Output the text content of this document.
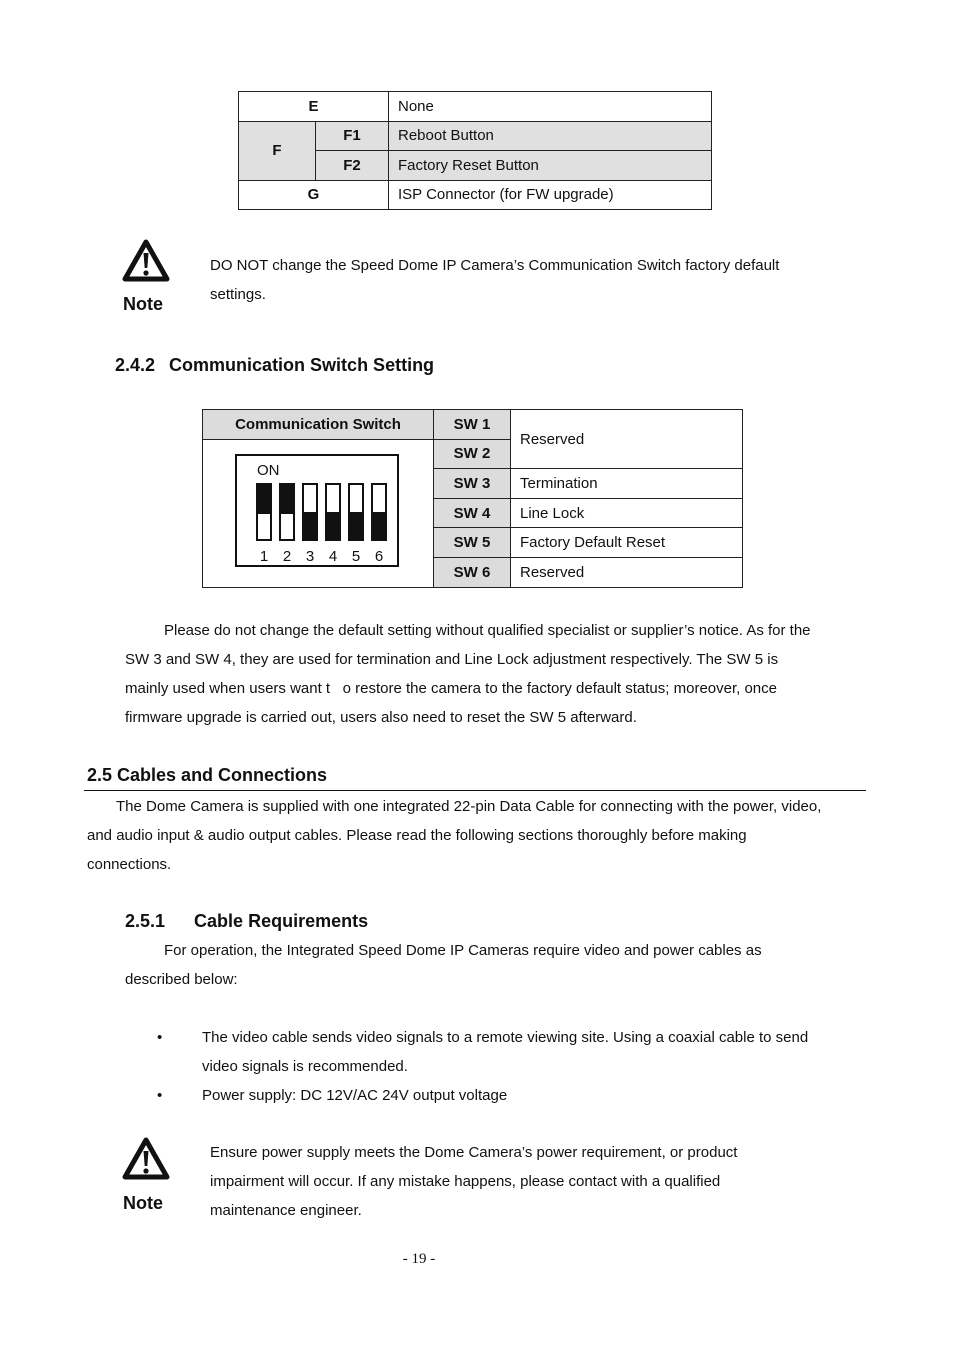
E		None
F	F1	Reboot Button
	F2	Factory Reset Button
G		ISP Connector (for FW upgrade)
Note
DO NOT change the Speed Dome IP Camera’s Communication Switch factory default
settings.
2.4.2 Communication Switch Setting
Communication Switch	SW 1	Reserved

ON
1 2 3 4 5 6
	SW 2
	SW 3	Termination
	SW 4	Line Lock
	SW 5	Factory Default Reset
	SW 6	Reserved
Please do not change the default setting without qualified specialist or supplier’s notice. As for the
SW 3 and SW 4, they are used for termination and Line Lock adjustment respectively. The SW 5 is
mainly used when users want t   o restore the camera to the factory default status; moreover, once
firmware upgrade is carried out, users also need to reset the SW 5 afterward.
2.5 Cables and Connections
The Dome Camera is supplied with one integrated 22-pin Data Cable for connecting with the power, video,
and audio input & audio output cables. Please read the following sections thoroughly before making
connections.
2.5.1 Cable Requirements
For operation, the Integrated Speed Dome IP Cameras require video and power cables as
described below:
•	The video cable sends video signals to a remote viewing site. Using a coaxial cable to send
video signals is recommended.
•	Power supply: DC 12V/AC 24V output voltage
Note
Ensure power supply meets the Dome Camera’s power requirement, or product
impairment will occur. If any mistake happens, please contact with a qualified
maintenance engineer.
- 19 -
